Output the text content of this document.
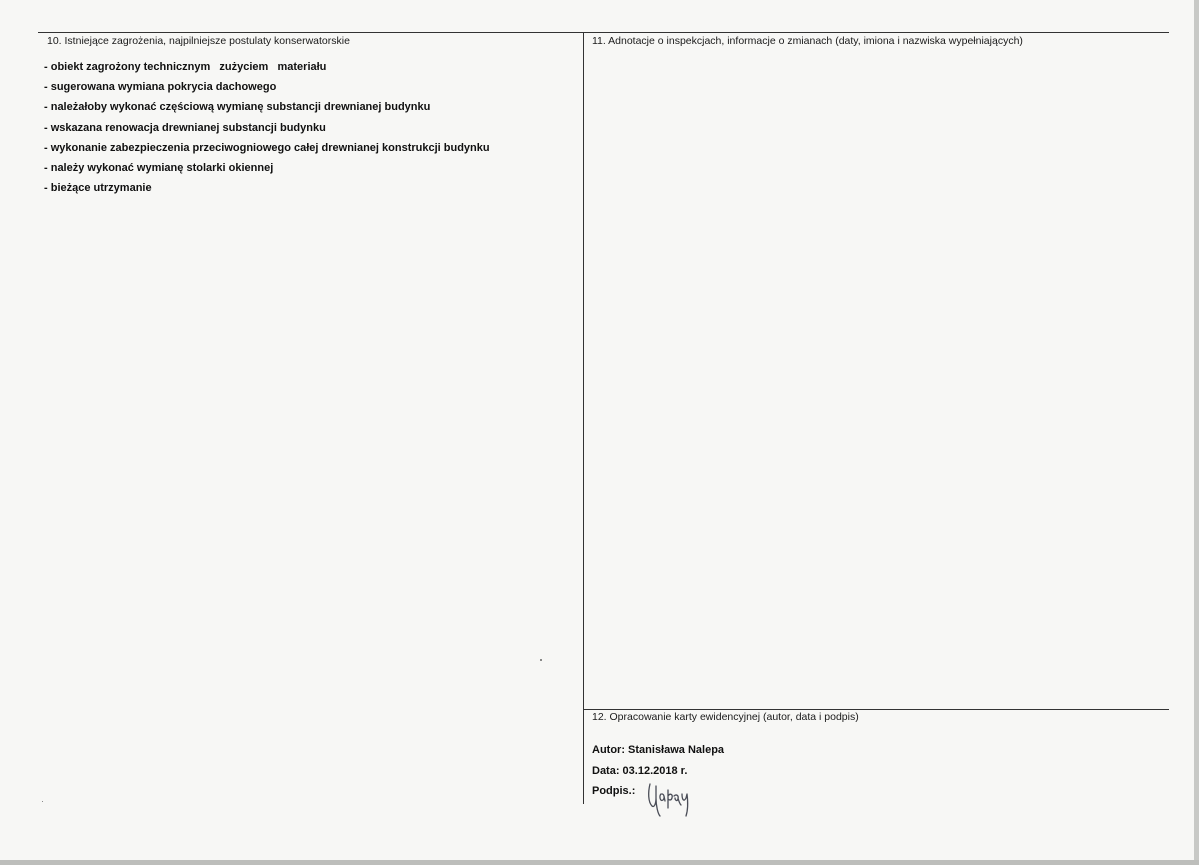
10. Istniejące zagrożenia, najpilniejsze postulaty konserwatorskie
- obiekt zagrożony technicznym   zużyciem   materiału
- sugerowana wymiana pokrycia dachowego
- należałoby wykonać częściową wymianę substancji drewnianej budynku
- wskazana renowacja drewnianej substancji budynku
- wykonanie zabezpieczenia przeciwogniowego całej drewnianej konstrukcji budynku
- należy wykonać wymianę stolarki okiennej
- bieżące utrzymanie
11. Adnotacje o inspekcjach, informacje o zmianach (daty, imiona i nazwiska wypełniających)
12. Opracowanie karty ewidencyjnej (autor, data i podpis)
Autor: Stanisława Nalepa
Data: 03.12.2018 r.
Podpis.:
